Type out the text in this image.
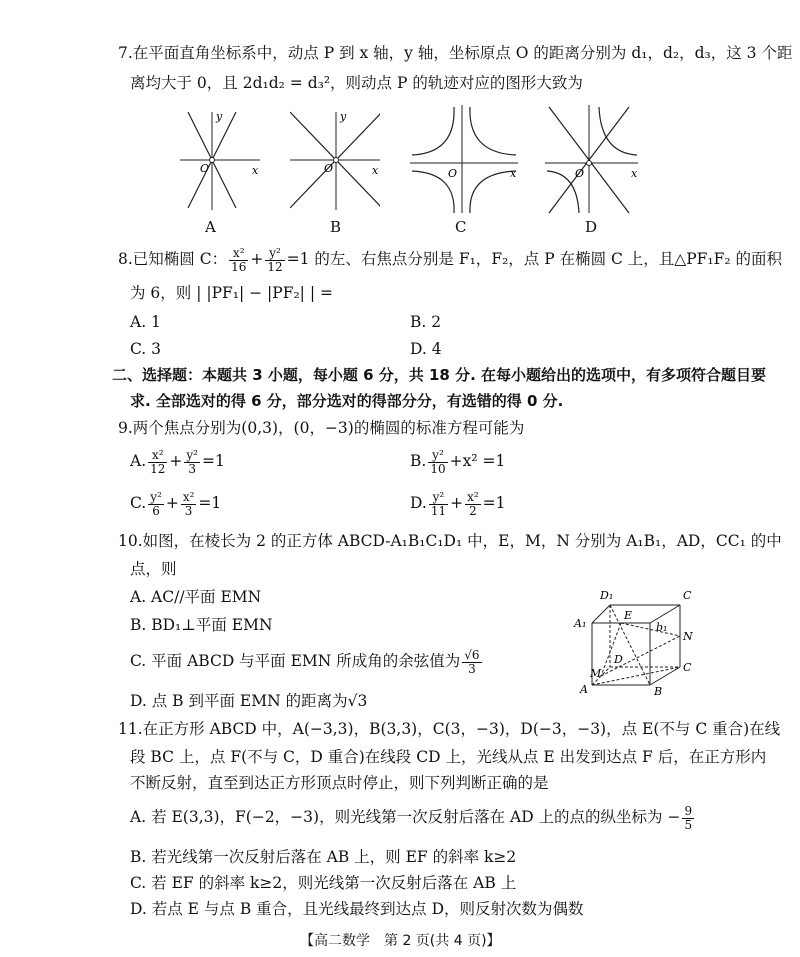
7.在平面直角坐标系中，动点 P 到 x 轴，y 轴，坐标原点 O 的距离分别为 d₁，d₂，d₃，这 3 个距
离均大于 0，且 2d₁d₂ = d₃²，则动点 P 的轨迹对应的图形大致为
O	x
y
A
O	x
y
B
O	x
C
O	x
D
8.已知椭圆 C： $\frac{\text{x²}}{16} + \frac{\text{y²}}{12} =1$ 的左、右焦点分别是 F₁，F₂，点 P 在椭圆 C 上，且△PF₁F₂ 的面积
为 6，则 | |PF₁| − |PF₂| | =
A. 1	B. 2
C. 3	D. 4
二、选择题：本题共 3 小题，每小题 6 分，共 18 分. 在每小题给出的选项中，有多项符合题目要
求. 全部选对的得 6 分，部分选对的得部分分，有选错的得 0 分.
9.两个焦点分别为(0,3)，(0，−3)的椭圆的标准方程可能为
A. $\frac{\text{x²}}{12} + \frac{\text{y²}}{3} =1$	B. $\frac{\text{y²}}{10} +x^2 =1$
C. $\frac{\text{y²}}{6} + \frac{\text{x²}}{3} =1$	D. $\frac{\text{y²}}{11} + \frac{\text{x²}}{2} =1$
10.如图，在棱长为 2 的正方体 ABCD-A₁B₁C₁D₁ 中，E，M，N 分别为 A₁B₁，AD，CC₁ 的中
点，则
A. AC//平面 EMN
B. BD₁⊥平面 EMN
C. 平面 ABCD 与平面 EMN 所成角的余弦值为 $\frac{√6}{3}$
D. 点 B 到平面 EMN 的距离为√3
D₁	C
A₁
E
b₁
N
D
C
M
A	B
11.在正方形 ABCD 中，A(−3,3)，B(3,3)，C(3，−3)，D(−3，−3)，点 E(不与 C 重合)在线
段 BC 上，点 F(不与 C，D 重合)在线段 CD 上，光线从点 E 出发到达点 F 后，在正方形内
不断反射，直至到达正方形顶点时停止，则下列判断正确的是
A. 若 E(3,3)，F(−2，−3)，则光线第一次反射后落在 AD 上的点的纵坐标为 − $\frac{9}{5}$
B. 若光线第一次反射后落在 AB 上，则 EF 的斜率 k≥2
C. 若 EF 的斜率 k≥2，则光线第一次反射后落在 AB 上
D. 若点 E 与点 B 重合，且光线最终到达点 D，则反射次数为偶数
【高二数学　第 2 页(共 4 页)】
